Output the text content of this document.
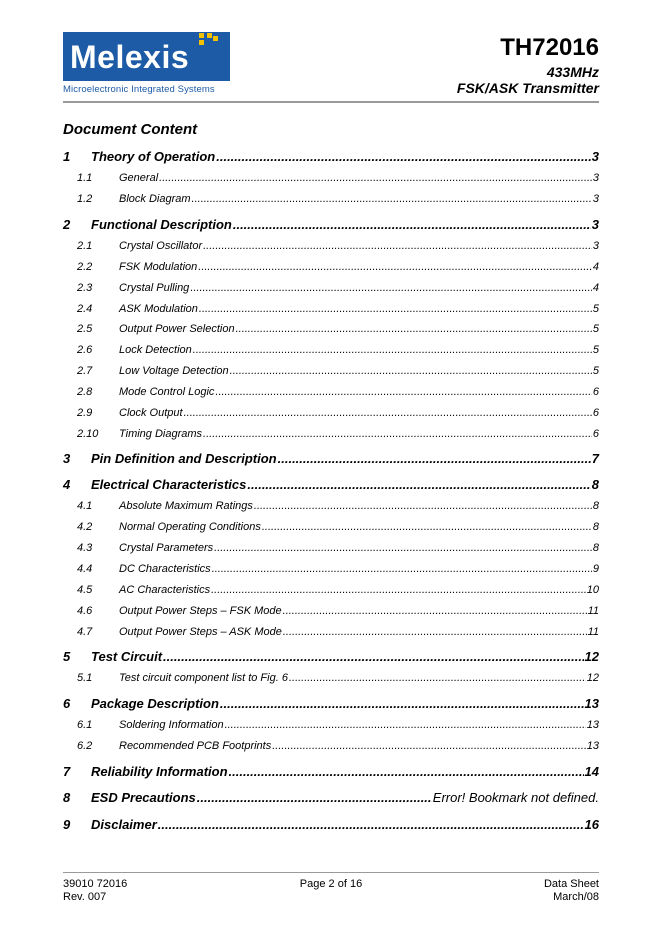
Melexis
Microelectronic Integrated Systems
TH72016
433MHz
FSK/ASK Transmitter
Document Content
1	Theory of Operation .....	3
1.1	General .....	3
1.2	Block Diagram .....	3
2	Functional Description .....	3
2.1	Crystal Oscillator .....	3
2.2	FSK Modulation .....	4
2.3	Crystal Pulling .....	4
2.4	ASK Modulation .....	5
2.5	Output Power Selection .....	5
2.6	Lock Detection .....	5
2.7	Low Voltage Detection .....	5
2.8	Mode Control Logic .....	6
2.9	Clock Output .....	6
2.10	Timing Diagrams .....	6
3	Pin Definition and Description .....	7
4	Electrical Characteristics .....	8
4.1	Absolute Maximum Ratings .....	8
4.2	Normal Operating Conditions .....	8
4.3	Crystal Parameters .....	8
4.4	DC Characteristics .....	9
4.5	AC Characteristics .....	10
4.6	Output Power Steps – FSK Mode .....	11
4.7	Output Power Steps – ASK Mode .....	11
5	Test Circuit .....	12
5.1	Test circuit component list to Fig. 6 .....	12
6	Package Description .....	13
6.1	Soldering Information .....	13
6.2	Recommended PCB Footprints .....	13
7	Reliability Information .....	14
8	ESD Precautions .....	Error! Bookmark not defined.
9	Disclaimer .....	16
39010 72016
Rev. 007
Page 2 of 16	Data Sheet
March/08
